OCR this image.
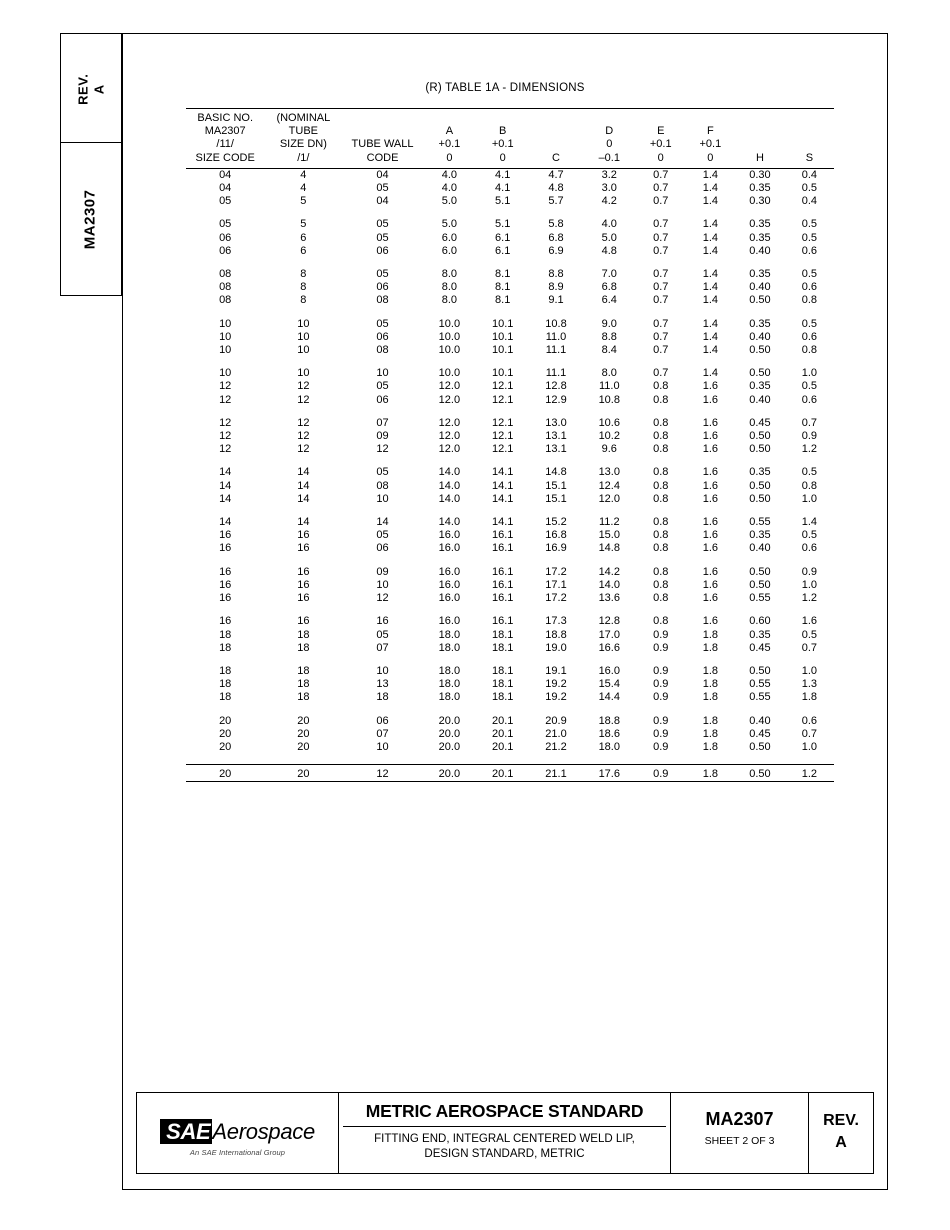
REV.
A
MA2307
(R) TABLE 1A - DIMENSIONS

BASIC NO.	(NOMINAL									
MA2307	TUBE		A	B		D	E	F		
/11/	SIZE DN)	TUBE WALL	+0.1	+0.1		0	+0.1	+0.1		
SIZE CODE	/1/	CODE	0	0	C	–0.1	0	0	H	S

04	4	04	4.0	4.1	4.7	3.2	0.7	1.4	0.30	0.4
04	4	05	4.0	4.1	4.8	3.0	0.7	1.4	0.35	0.5
05	5	04	5.0	5.1	5.7	4.2	0.7	1.4	0.30	0.4

05	5	05	5.0	5.1	5.8	4.0	0.7	1.4	0.35	0.5
06	6	05	6.0	6.1	6.8	5.0	0.7	1.4	0.35	0.5
06	6	06	6.0	6.1	6.9	4.8	0.7	1.4	0.40	0.6

08	8	05	8.0	8.1	8.8	7.0	0.7	1.4	0.35	0.5
08	8	06	8.0	8.1	8.9	6.8	0.7	1.4	0.40	0.6
08	8	08	8.0	8.1	9.1	6.4	0.7	1.4	0.50	0.8

10	10	05	10.0	10.1	10.8	9.0	0.7	1.4	0.35	0.5
10	10	06	10.0	10.1	11.0	8.8	0.7	1.4	0.40	0.6
10	10	08	10.0	10.1	11.1	8.4	0.7	1.4	0.50	0.8

10	10	10	10.0	10.1	11.1	8.0	0.7	1.4	0.50	1.0
12	12	05	12.0	12.1	12.8	11.0	0.8	1.6	0.35	0.5
12	12	06	12.0	12.1	12.9	10.8	0.8	1.6	0.40	0.6

12	12	07	12.0	12.1	13.0	10.6	0.8	1.6	0.45	0.7
12	12	09	12.0	12.1	13.1	10.2	0.8	1.6	0.50	0.9
12	12	12	12.0	12.1	13.1	9.6	0.8	1.6	0.50	1.2

14	14	05	14.0	14.1	14.8	13.0	0.8	1.6	0.35	0.5
14	14	08	14.0	14.1	15.1	12.4	0.8	1.6	0.50	0.8
14	14	10	14.0	14.1	15.1	12.0	0.8	1.6	0.50	1.0

14	14	14	14.0	14.1	15.2	11.2	0.8	1.6	0.55	1.4
16	16	05	16.0	16.1	16.8	15.0	0.8	1.6	0.35	0.5
16	16	06	16.0	16.1	16.9	14.8	0.8	1.6	0.40	0.6

16	16	09	16.0	16.1	17.2	14.2	0.8	1.6	0.50	0.9
16	16	10	16.0	16.1	17.1	14.0	0.8	1.6	0.50	1.0
16	16	12	16.0	16.1	17.2	13.6	0.8	1.6	0.55	1.2

16	16	16	16.0	16.1	17.3	12.8	0.8	1.6	0.60	1.6
18	18	05	18.0	18.1	18.8	17.0	0.9	1.8	0.35	0.5
18	18	07	18.0	18.1	19.0	16.6	0.9	1.8	0.45	0.7

18	18	10	18.0	18.1	19.1	16.0	0.9	1.8	0.50	1.0
18	18	13	18.0	18.1	19.2	15.4	0.9	1.8	0.55	1.3
18	18	18	18.0	18.1	19.2	14.4	0.9	1.8	0.55	1.8

20	20	06	20.0	20.1	20.9	18.8	0.9	1.8	0.40	0.6
20	20	07	20.0	20.1	21.0	18.6	0.9	1.8	0.45	0.7
20	20	10	20.0	20.1	21.2	18.0	0.9	1.8	0.50	1.0

20	20	12	20.0	20.1	21.1	17.6	0.9	1.8	0.50	1.2

SAEAerospace
An SAE International Group
METRIC AEROSPACE STANDARD
FITTING END, INTEGRAL CENTERED WELD LIP,
DESIGN STANDARD, METRIC
MA2307
SHEET 2 OF 3
REV.
A
